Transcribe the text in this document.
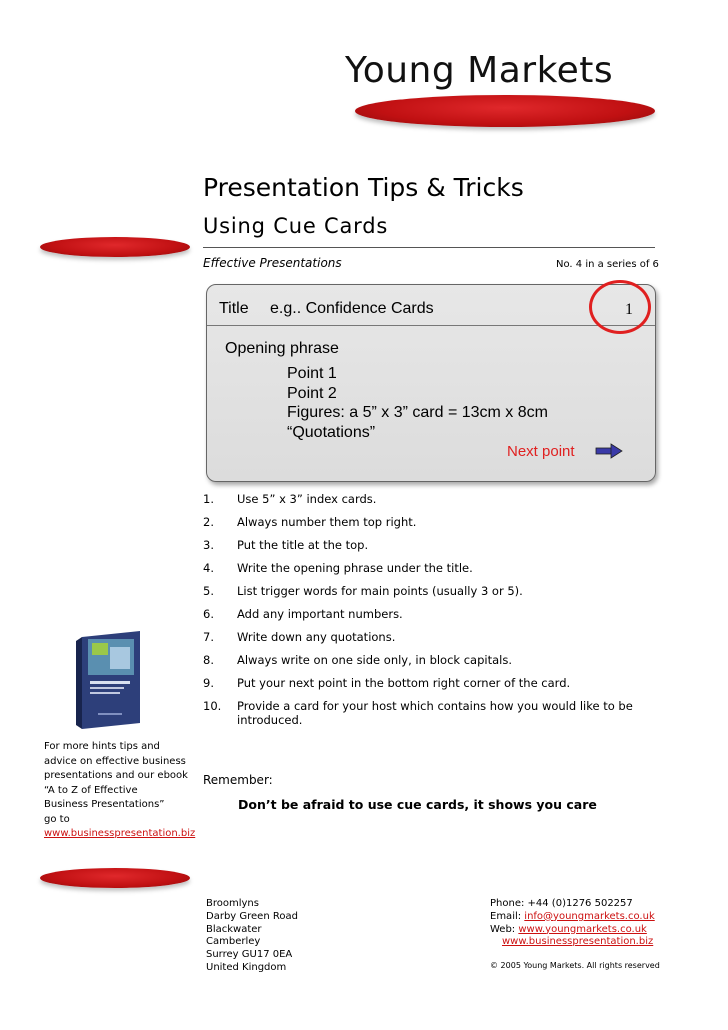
Young Markets
Presentation Tips & Tricks
Using Cue Cards
Effective Presentations	No. 4 in a series of 6
Title e.g.. Confidence Cards	1
Opening phrase
Point 1
Point 2
Figures: a 5” x 3” card = 13cm x 8cm
“Quotations”
Next point
1. Use 5” x 3” index cards.
2. Always number them top right.
3. Put the title at the top.
4. Write the opening phrase under the title.
5. List trigger words for main points (usually 3 or 5).
6. Add any important numbers.
7. Write down any quotations.
8. Always write on one side only, in block capitals.
9. Put your next point in the bottom right corner of the card.
10. Provide a card for your host which contains how you would like to be introduced.
Remember:
Don’t be afraid to use cue cards, it shows you care
For more hints tips and
advice on effective business
presentations and our ebook
“A to Z of Effective
Business Presentations”
go to
www.businesspresentation.biz
Broomlyns
Darby Green Road
Blackwater
Camberley
Surrey GU17 0EA
United Kingdom
Phone: +44 (0)1276 502257
Email: info@youngmarkets.co.uk
Web: www.youngmarkets.co.uk
www.businesspresentation.biz
© 2005 Young Markets. All rights reserved
